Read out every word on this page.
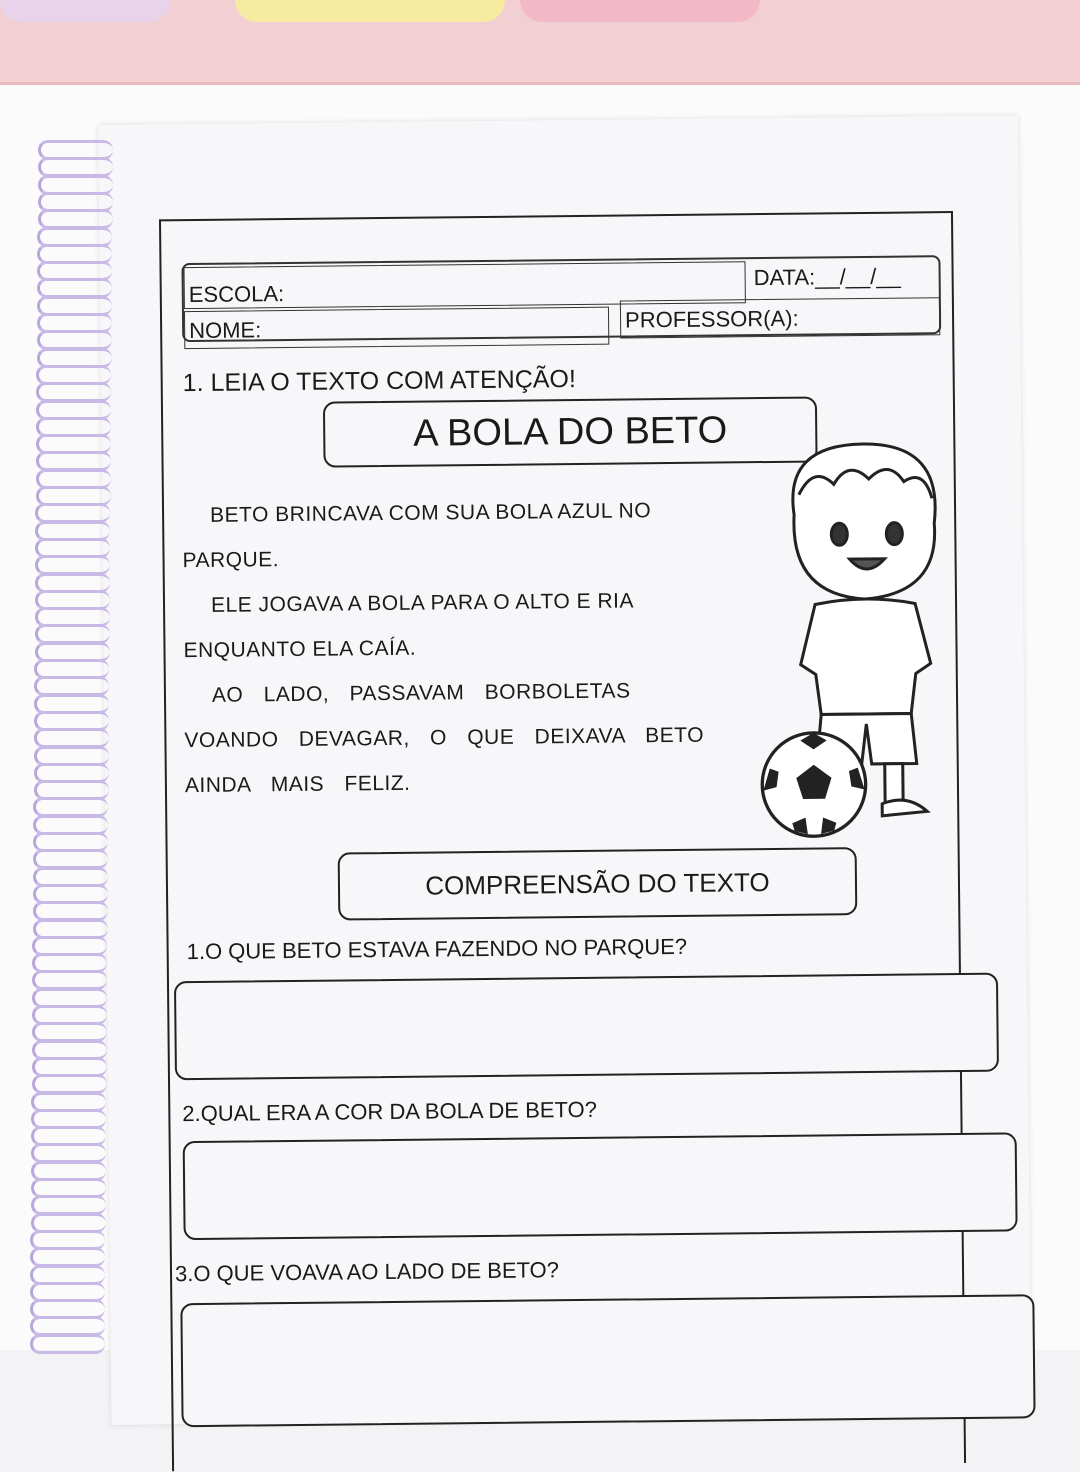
ESCOLA:
DATA:__/__/__
NOME:	PROFESSOR(A):
1. LEIA O TEXTO COM ATENÇÃO!
A BOLA DO BETO

BETO BRINCAVA COM SUA BOLA AZUL NO PARQUE.

ELE JOGAVA A BOLA PARA O ALTO E RIA ENQUANTO ELA CAÍA.

AO LADO, PASSAVAM BORBOLETAS VOANDO DEVAGAR, O QUE DEIXAVA BETO AINDA MAIS FELIZ.

COMPREENSÃO DO TEXTO
1.O QUE BETO ESTAVA FAZENDO NO PARQUE?
2.QUAL ERA A COR DA BOLA DE BETO?
3.O QUE VOAVA AO LADO DE BETO?
